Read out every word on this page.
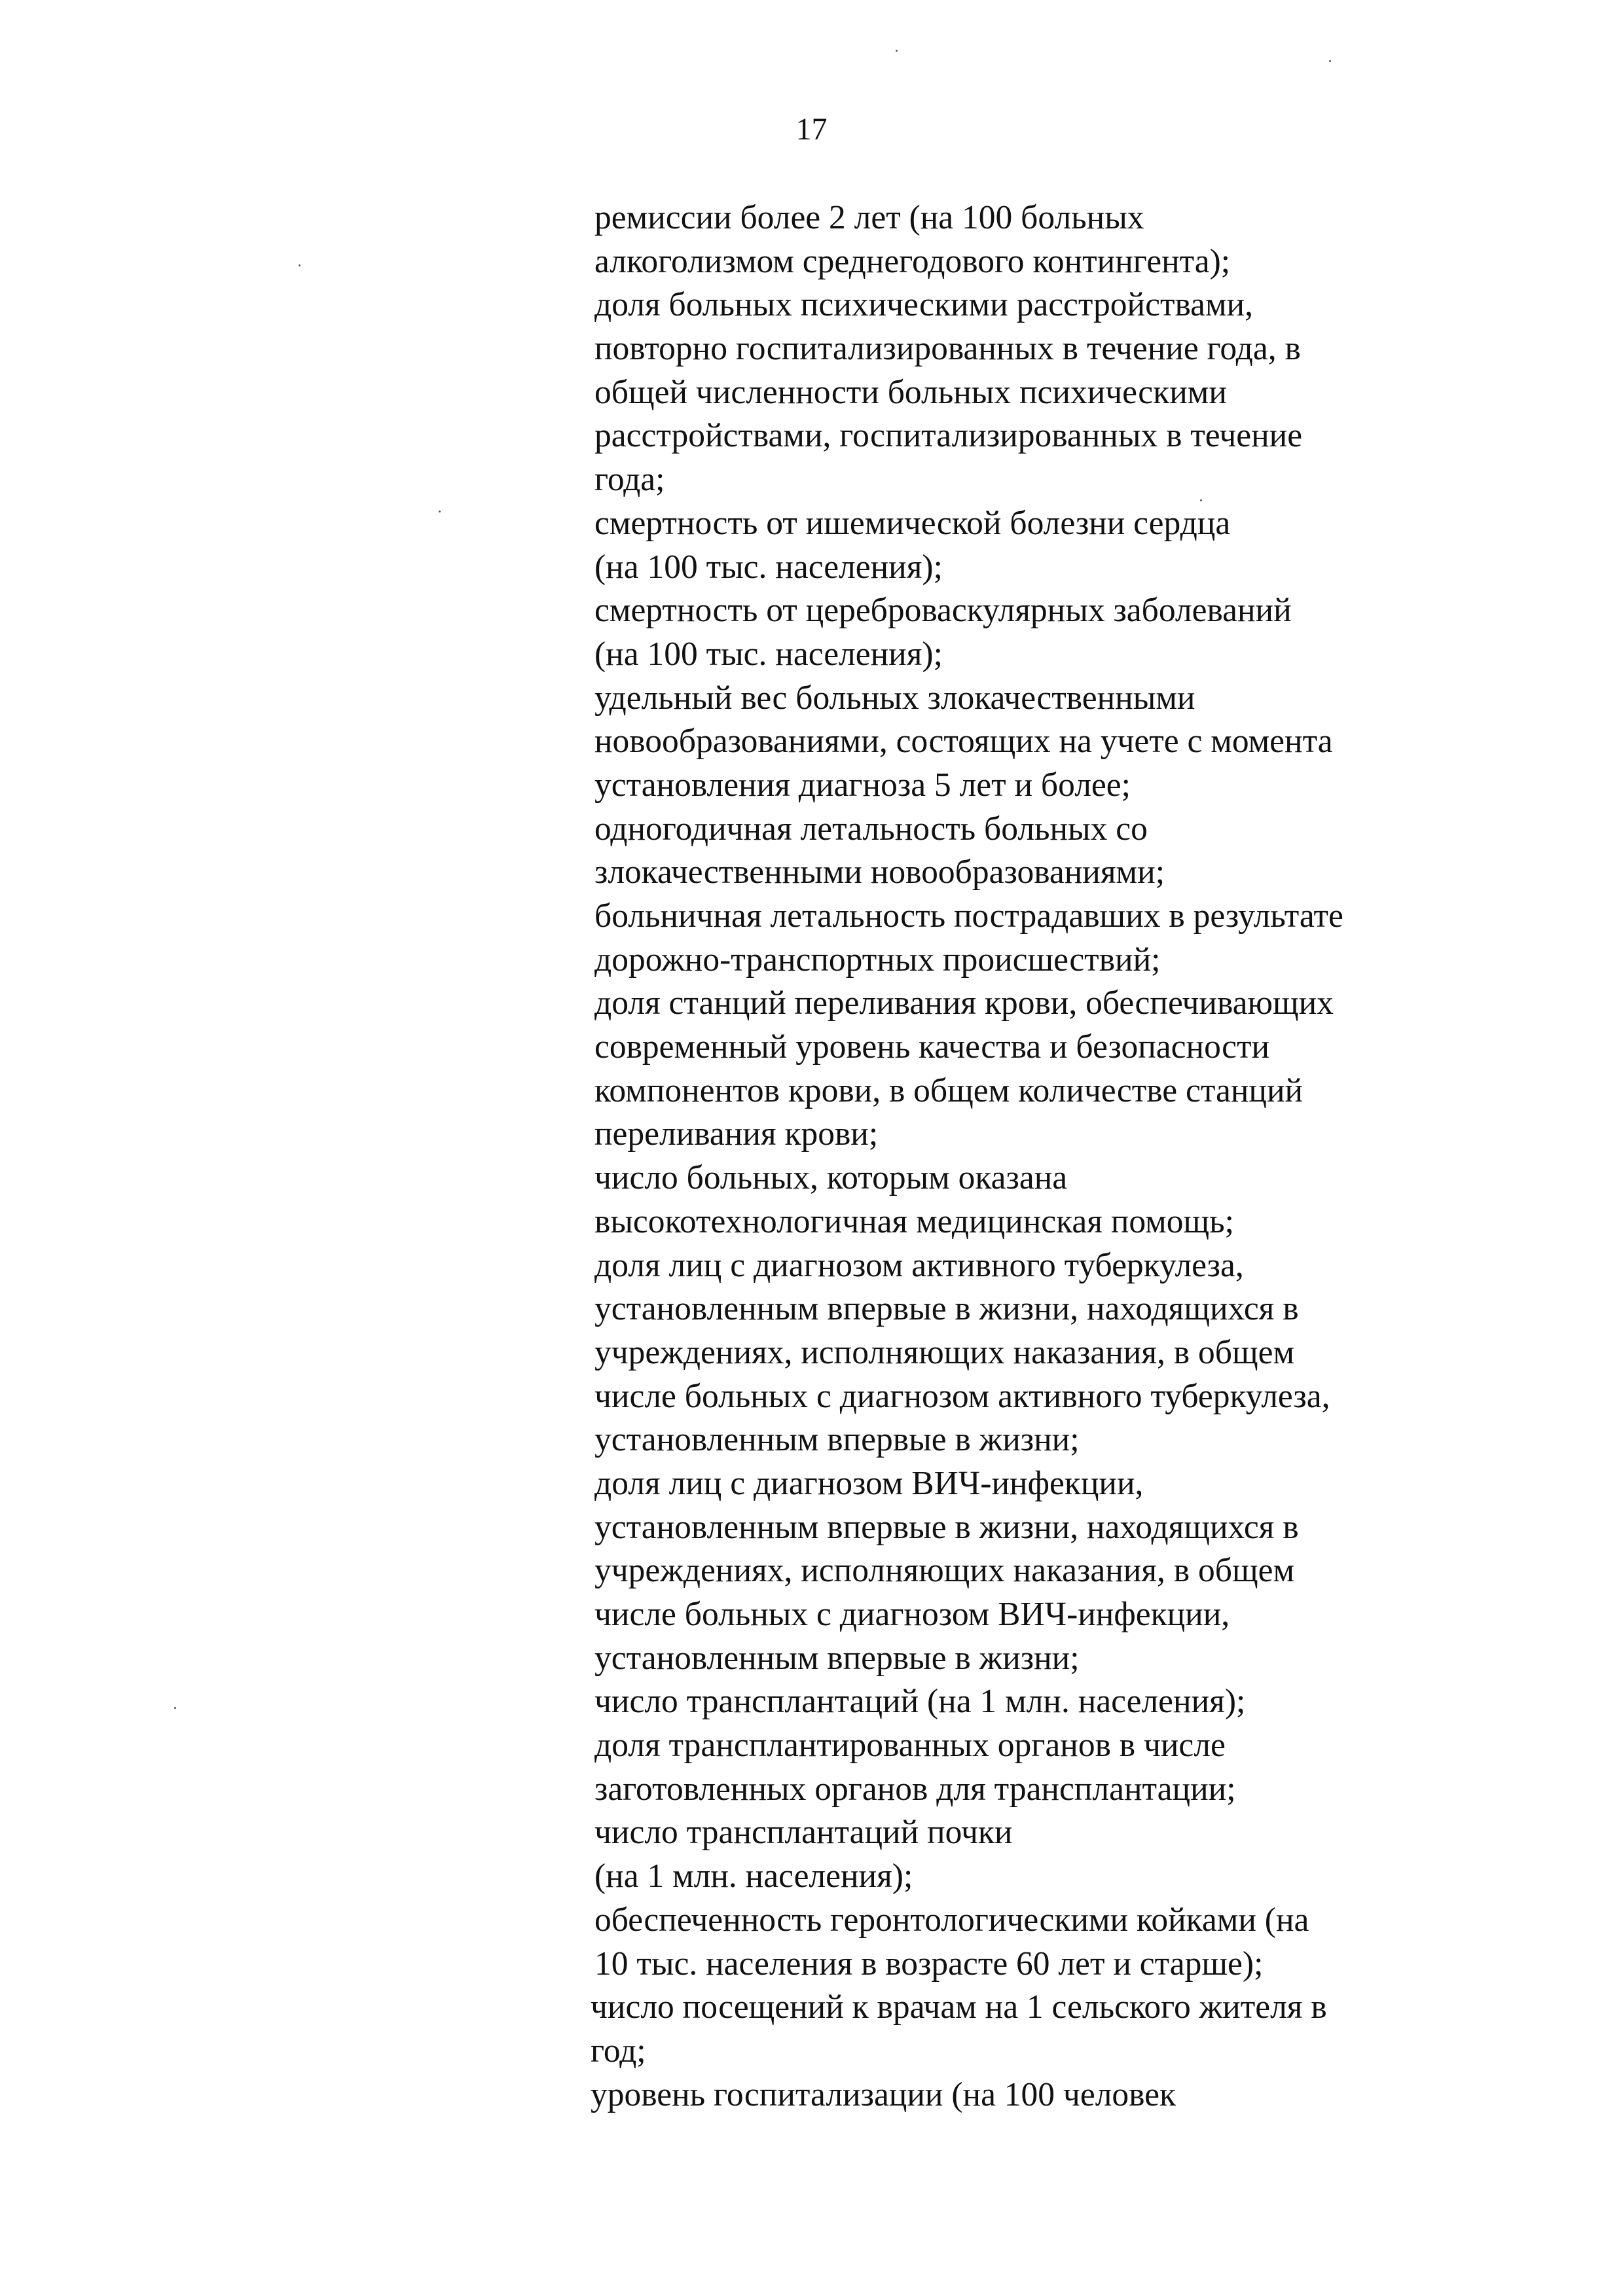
17

ремиссии более 2 лет (на 100 больных
алкоголизмом среднегодового контингента);
доля больных психическими расстройствами,
повторно госпитализированных в течение года, в
общей численности больных психическими
расстройствами, госпитализированных в течение
года;
смертность от ишемической болезни сердца
(на 100 тыс. населения);
смертность от цереброваскулярных заболеваний
(на 100 тыс. населения);
удельный вес больных злокачественными
новообразованиями, состоящих на учете с момента
установления диагноза 5 лет и более;
одногодичная летальность больных со
злокачественными новообразованиями;
больничная летальность пострадавших в результате
дорожно-транспортных происшествий;
доля станций переливания крови, обеспечивающих
современный уровень качества и безопасности
компонентов крови, в общем количестве станций
переливания крови;
число больных, которым оказана
высокотехнологичная медицинская помощь;
доля лиц с диагнозом активного туберкулеза,
установленным впервые в жизни, находящихся в
учреждениях, исполняющих наказания, в общем
числе больных с диагнозом активного туберкулеза,
установленным впервые в жизни;
доля лиц с диагнозом ВИЧ-инфекции,
установленным впервые в жизни, находящихся в
учреждениях, исполняющих наказания, в общем
числе больных с диагнозом ВИЧ-инфекции,
установленным впервые в жизни;
число трансплантаций (на 1 млн. населения);
доля трансплантированных органов в числе
заготовленных органов для трансплантации;
число трансплантаций почки
(на 1 млн. населения);
обеспеченность геронтологическими койками (на
10 тыс. населения в возрасте 60 лет и старше);
число посещений к врачам на 1 сельского жителя в
год;
уровень госпитализации (на 100 человек
